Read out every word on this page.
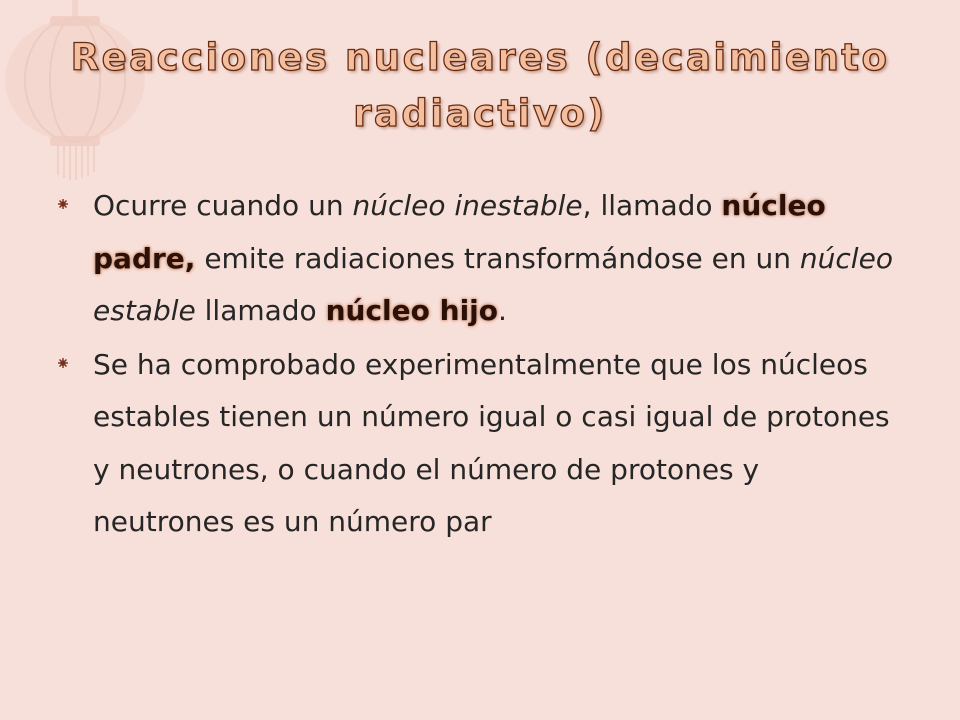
Reacciones nucleares (decaimiento
radiactivo)
Ocurre cuando un núcleo inestable, llamado núcleo padre, emite radiaciones transformándose en un núcleo estable llamado núcleo hijo.
Se ha comprobado experimentalmente que los núcleos estables tienen un número igual o casi igual de protones y neutrones, o cuando el número de protones y neutrones es un número par
